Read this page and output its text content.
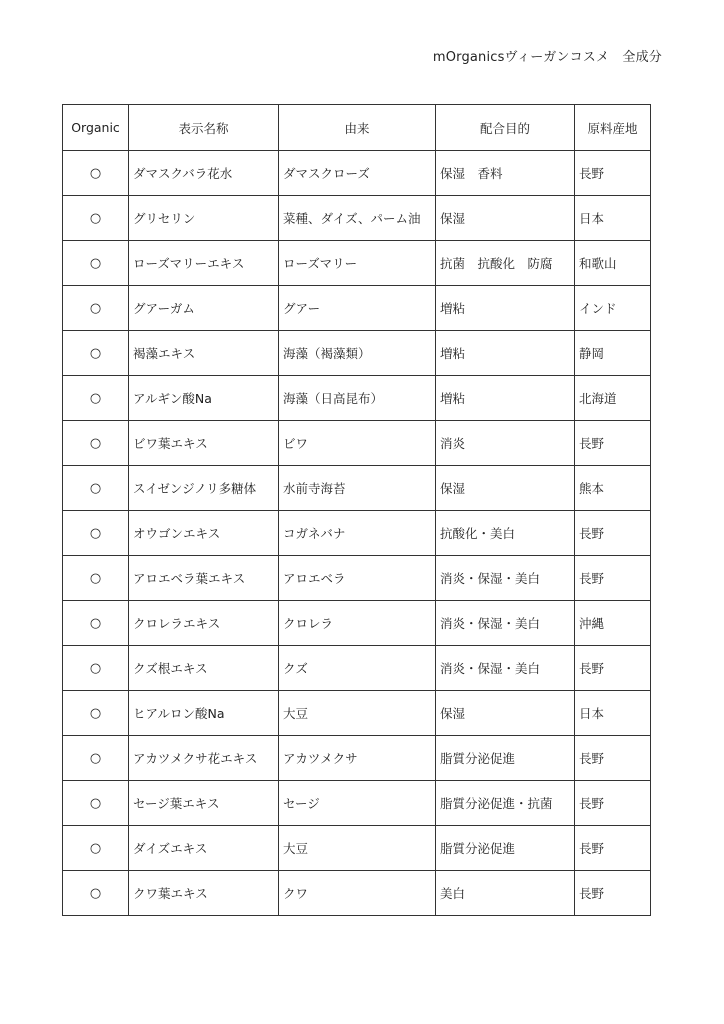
mOrganicsヴィーガンコスメ　全成分
Organic	表示名称	由来	配合目的	原料産地
○	ダマスクバラ花水	ダマスクローズ	保湿　香料	長野
○	グリセリン	菜種、ダイズ、パーム油	保湿	日本
○	ローズマリーエキス	ローズマリー	抗菌　抗酸化　防腐	和歌山
○	グアーガム	グアー	増粘	インド
○	褐藻エキス	海藻（褐藻類）	増粘	静岡
○	アルギン酸Na	海藻（日高昆布）	増粘	北海道
○	ビワ葉エキス	ビワ	消炎	長野
○	スイゼンジノリ多糖体	水前寺海苔	保湿	熊本
○	オウゴンエキス	コガネバナ	抗酸化・美白	長野
○	アロエベラ葉エキス	アロエベラ	消炎・保湿・美白	長野
○	クロレラエキス	クロレラ	消炎・保湿・美白	沖縄
○	クズ根エキス	クズ	消炎・保湿・美白	長野
○	ヒアルロン酸Na	大豆	保湿	日本
○	アカツメクサ花エキス	アカツメクサ	脂質分泌促進	長野
○	セージ葉エキス	セージ	脂質分泌促進・抗菌	長野
○	ダイズエキス	大豆	脂質分泌促進	長野
○	クワ葉エキス	クワ	美白	長野
